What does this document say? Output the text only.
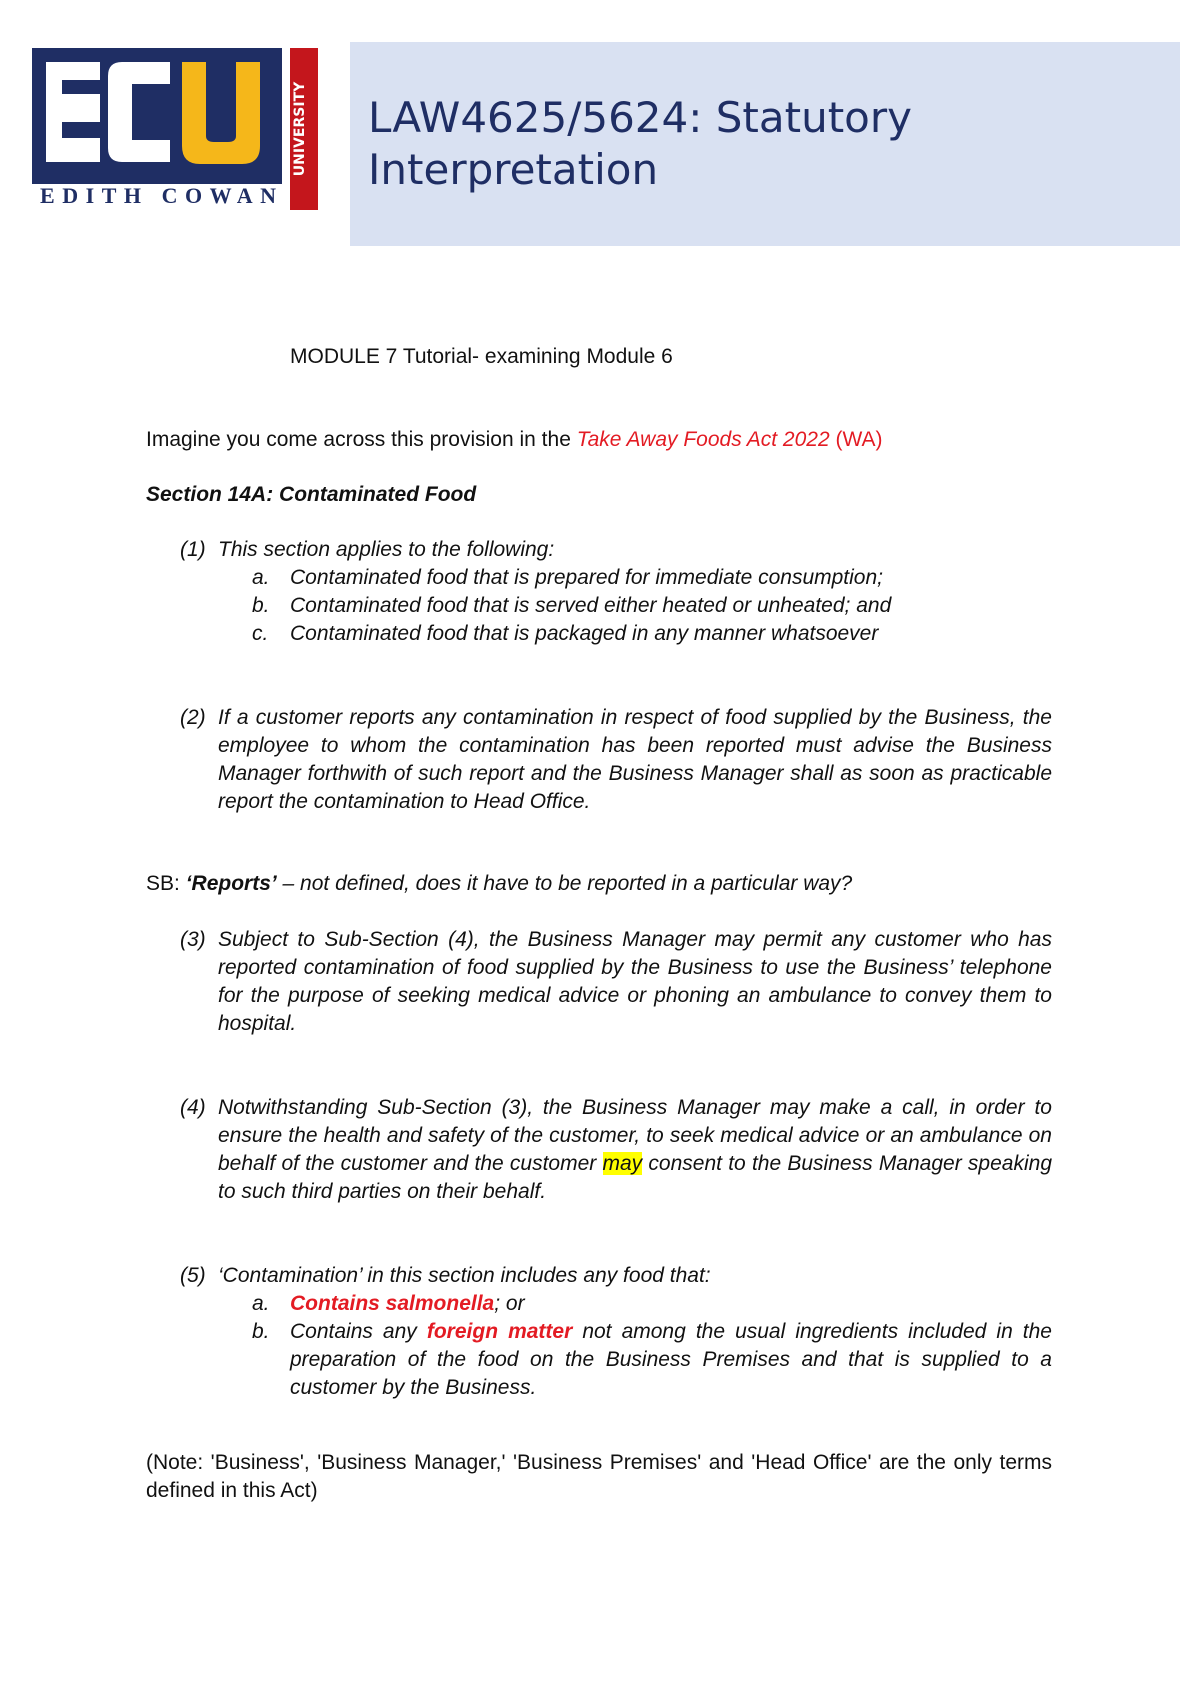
UNIVERSITY
EDITH COWAN
LAW4625/5624: Statutory Interpretation

MODULE 7 Tutorial- examining Module 6

Imagine you come across this provision in the Take Away Foods Act 2022 (WA)

Section 14A: Contaminated Food

(1) This section applies to the following:
a. Contaminated food that is prepared for immediate consumption;
b. Contaminated food that is served either heated or unheated; and
c. Contaminated food that is packaged in any manner whatsoever
(2) If a customer reports any contamination in respect of food supplied by the Business, the employee to whom the contamination has been reported must advise the Business Manager forthwith of such report and the Business Manager shall as soon as practicable report the contamination to Head Office.

SB: ‘Reports’ – not defined, does it have to be reported in a particular way?

(3) Subject to Sub-Section (4), the Business Manager may permit any customer who has reported contamination of food supplied by the Business to use the Business’ telephone for the purpose of seeking medical advice or phoning an ambulance to convey them to hospital.
(4) Notwithstanding Sub-Section (3), the Business Manager may make a call, in order to ensure the health and safety of the customer, to seek medical advice or an ambulance on behalf of the customer and the customer may consent to the Business Manager speaking to such third parties on their behalf.
(5) ‘Contamination’ in this section includes any food that:
a. Contains salmonella; or
b. Contains any foreign matter not among the usual ingredients included in the preparation of the food on the Business Premises and that is supplied to a customer by the Business.

(Note: 'Business', 'Business Manager,' 'Business Premises' and 'Head Office' are the only terms defined in this Act)
